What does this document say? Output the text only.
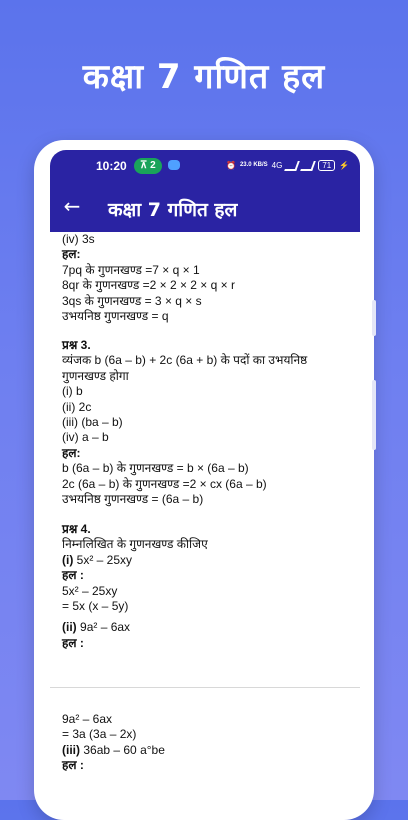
कक्षा 7 गणित हल
10:20	⊼ 2	⏰ 23.0 KB/S 4G	71	⚡
← कक्षा 7 गणित हल
(iv) 3s
हल:
7pq के गुणनखण्ड =7 × q × 1
8qr के गुणनखण्ड =2 × 2 × 2 × q × r
3qs के गुणनखण्ड = 3 × q × s
उभयनिष्ठ गुणनखण्ड = q
प्रश्न 3.
व्यंजक b (6a – b) + 2c (6a + b) के पदों का उभयनिष्ठ
गुणनखण्ड होगा
(i) b
(ii) 2c
(iii) (ba – b)
(iv) a – b
हल:
b (6a – b) के गुणनखण्ड = b × (6a – b)
2c (6a – b) के गुणनखण्ड =2 × cx (6a – b)
उभयनिष्ठ गुणनखण्ड = (6a – b)
प्रश्न 4.
निम्नलिखित के गुणनखण्ड कीजिए
(i) 5x² – 25xy
हल :
5x² – 25xy
= 5x (x – 5y)
(ii) 9a² – 6ax
हल :
9a² – 6ax
= 3a (3a – 2x)
(iii) 36ab – 60 a°be
हल :
